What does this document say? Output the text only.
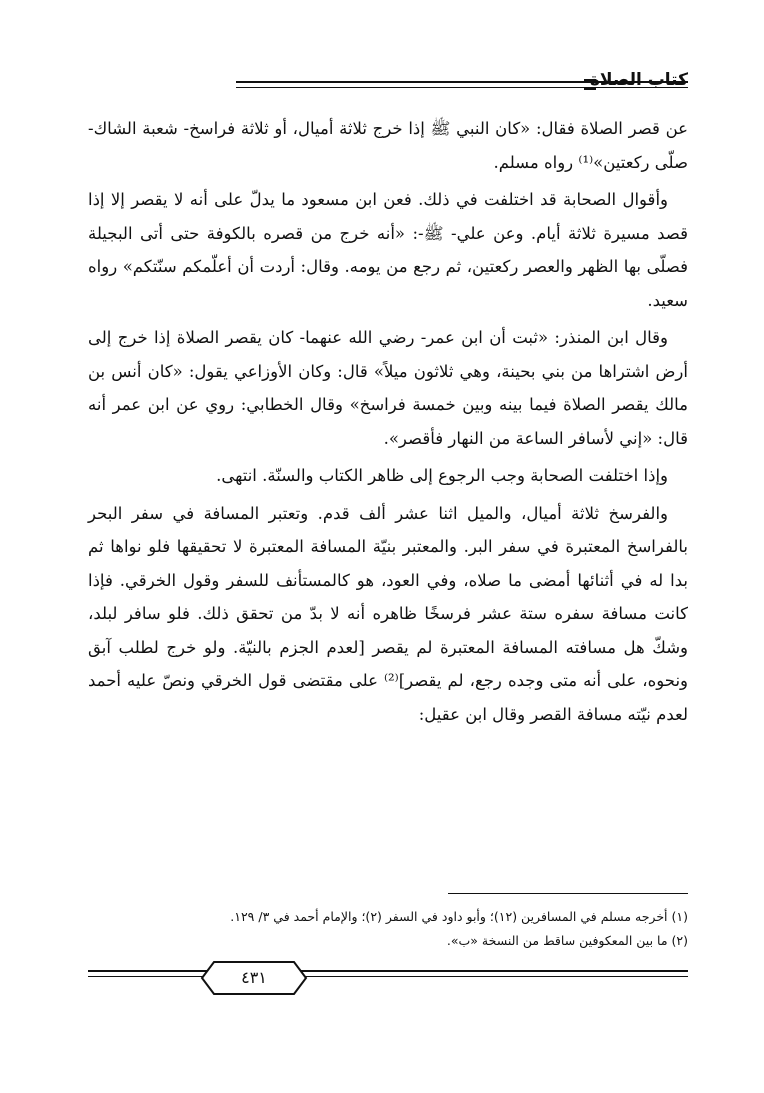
كتاب الصلاة

عن قصر الصلاة فقال: «كان النبي ﷺ إذا خرج ثلاثة أميال، أو ثلاثة فراسخ- شعبة الشاك- صلّى ركعتين»⁽¹⁾ رواه مسلم.

وأقوال الصحابة قد اختلفت في ذلك. فعن ابن مسعود ما يدلّ على أنه لا يقصر إلا إذا قصد مسيرة ثلاثة أيام. وعن علي- ﷺ-: «أنه خرج من قصره بالكوفة حتى أتى البجيلة فصلّى بها الظهر والعصر ركعتين، ثم رجع من يومه. وقال: أردت أن أعلّمكم سنّتكم» رواه سعيد.

وقال ابن المنذر: «ثبت أن ابن عمر- رضي الله عنهما- كان يقصر الصلاة إذا خرج إلى أرض اشتراها من بني بحينة، وهي ثلاثون ميلاً» قال: وكان الأوزاعي يقول: «كان أنس بن مالك يقصر الصلاة فيما بينه وبين خمسة فراسخ» وقال الخطابي: روي عن ابن عمر أنه قال: «إني لأسافر الساعة من النهار فأقصر».

وإذا اختلفت الصحابة وجب الرجوع إلى ظاهر الكتاب والسنّة. انتهى.

والفرسخ ثلاثة أميال، والميل اثنا عشر ألف قدم. وتعتبر المسافة في سفر البحر بالفراسخ المعتبرة في سفر البر. والمعتبر بنيّة المسافة المعتبرة لا تحقيقها فلو نواها ثم بدا له في أثنائها أمضى ما صلاه، وفي العود، هو كالمستأنف للسفر وقول الخرقي. فإذا كانت مسافة سفره ستة عشر فرسخًا ظاهره أنه لا بدّ من تحقق ذلك. فلو سافر لبلد، وشكّ هل مسافته المسافة المعتبرة لم يقصر [لعدم الجزم بالنيّة. ولو خرج لطلب آبق ونحوه، على أنه متى وجده رجع، لم يقصر]⁽²⁾ على مقتضى قول الخرقي ونصّ عليه أحمد لعدم نيّته مسافة القصر وقال ابن عقيل:

(١) أخرجه مسلم في المسافرين (١٢)؛ وأبو داود في السفر (٢)؛ والإمام أحمد في ٣/ ١٢٩.
(٢) ما بين المعكوفين ساقط من النسخة «ب».
٤٣١
